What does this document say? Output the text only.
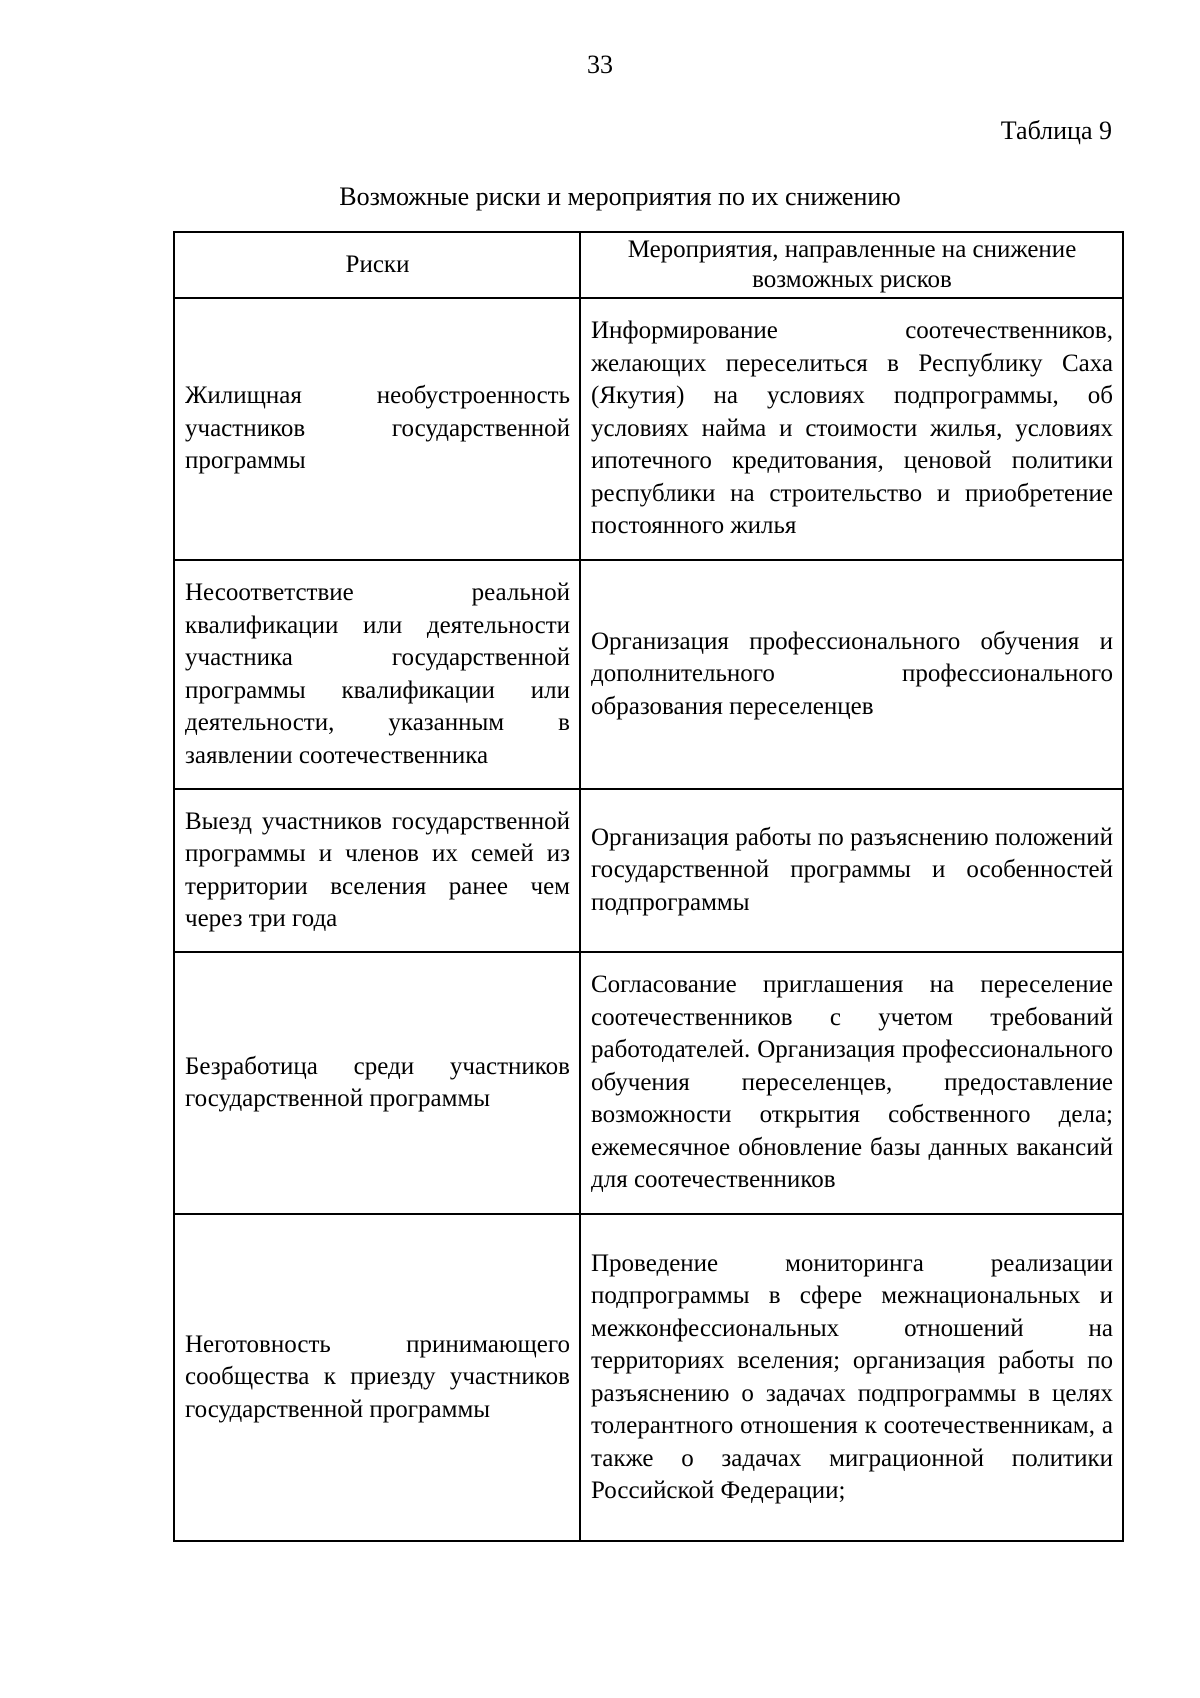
33
Таблица 9
Возможные риски и мероприятия по их снижению
Риски	Мероприятия, направленные на снижение возможных рисков
Жилищная необустроенность участников государственной программы	Информирование соотечественников, желающих переселиться в Республику Саха (Якутия) на условиях подпрограммы, об условиях найма и стоимости жилья, условиях ипотечного кредитования, ценовой политики республики на строительство и приобретение постоянного жилья
Несоответствие реальной квалификации или деятельности участника государственной программы квалификации или деятельности, указанным в заявлении соотечественника	Организация профессионального обучения и дополнительного профессионального образования переселенцев
Выезд участников государственной программы и членов их семей из территории вселения ранее чем через три года	Организация работы по разъяснению положений государственной программы и особенностей подпрограммы
Безработица среди участников государственной программы	Согласование приглашения на переселение соотечественников с учетом требований работодателей. Организация профессионального обучения переселенцев, предоставление возможности открытия собственного дела; ежемесячное обновление базы данных вакансий для соотечественников
Неготовность принимающего сообщества к приезду участников государственной программы	Проведение мониторинга реализации подпрограммы в сфере межнациональных и межконфессиональных отношений на территориях вселения; организация работы по разъяснению о задачах подпрограммы в целях толерантного отношения к соотечественникам, а также о задачах миграционной политики Российской Федерации;
